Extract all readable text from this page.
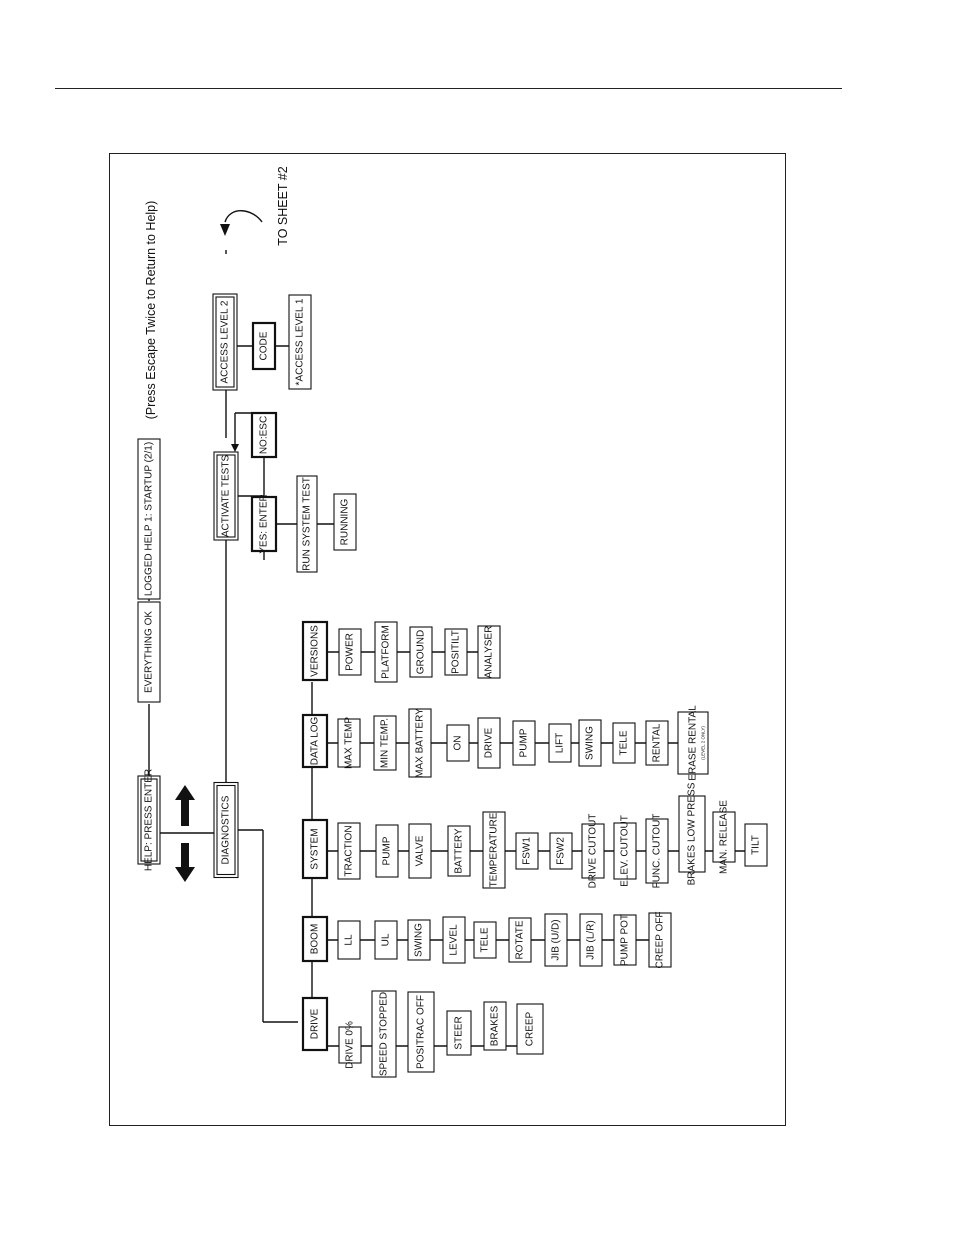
HELP: PRESS ENTER
EVERYTHING OK
LOGGED HELP 1: STARTUP (2/1)
DIAGNOSTICS
DRIVE
BOOM
SYSTEM
DATA LOG
VERSIONS
DRIVE 0% SPEED STOPPED	POSITRAC OFF	STEER	BRAKES CREEP
LL	UL SWING LEVEL TELE ROTATE	JIB (U/D) JIB (L/R) PUMP POT CREEP OFF
TRACTION	PUMP VALVE	BATTERY TEMPERATURE FSW1 FSW2 DRIVE CUTOUT ELEV. CUTOUT FUNC. CUTOUT BRAKES LOW PRESS MAN. RELEASE TILT
MAX TEMP	MIN TEMP. MAX BATTERY	ON DRIVE PUMP	LIFT SWING TELE RENTAL	ERASE RENTAL
POWER	PLATFORM GROUND POSITILT ANALYSER
ACTIVATE TESTS	YES: ENTER
NO:ESC
RUN SYSTEM TEST	RUNNING
ACCESS LEVEL 2	CODE	*ACCESS LEVEL 1
(Press Escape Twice to Return to Help)
(LEVEL 2 ONLY)
TO SHEET #2
